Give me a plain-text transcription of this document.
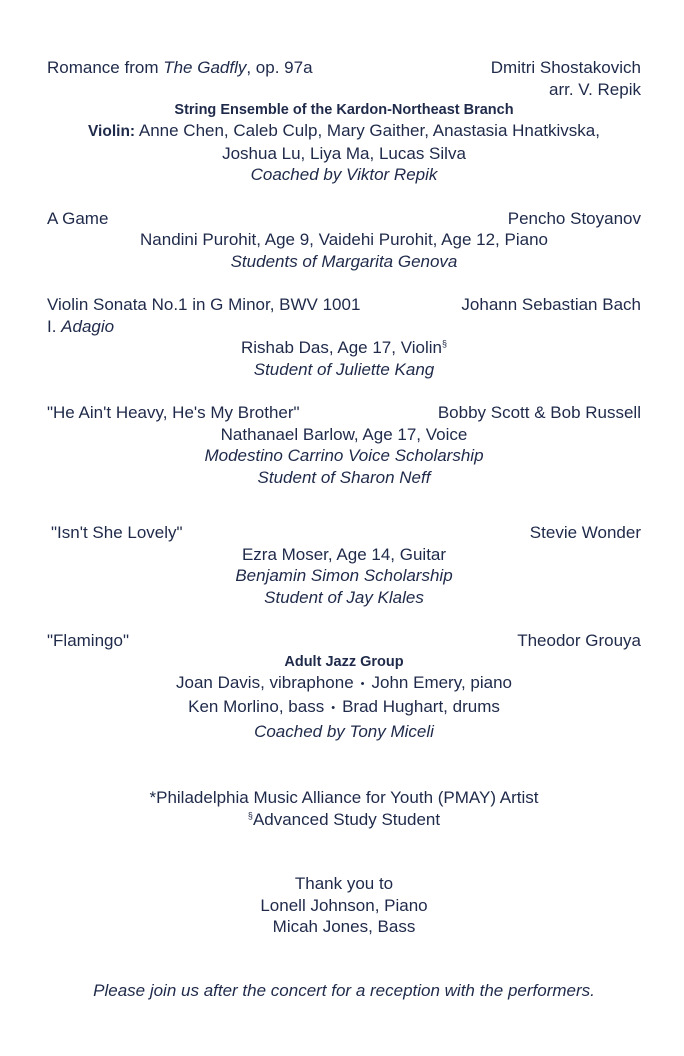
Romance from The Gadfly, op. 97a	Dmitri Shostakovich
arr. V. Repik
String Ensemble of the Kardon-Northeast Branch
Violin: Anne Chen, Caleb Culp, Mary Gaither, Anastasia Hnatkivska,
Joshua Lu, Liya Ma, Lucas Silva
Coached by Viktor Repik
A Game	Pencho Stoyanov
Nandini Purohit, Age 9, Vaidehi Purohit, Age 12, Piano
Students of Margarita Genova
Violin Sonata No.1 in G Minor, BWV 1001	Johann Sebastian Bach
I. Adagio
Rishab Das, Age 17, Violin§
Student of Juliette Kang
"He Ain't Heavy, He's My Brother"	Bobby Scott & Bob Russell
Nathanael Barlow, Age 17, Voice
Modestino Carrino Voice Scholarship
Student of Sharon Neff
"Isn't She Lovely"	Stevie Wonder
Ezra Moser, Age 14, Guitar
Benjamin Simon Scholarship
Student of Jay Klales
"Flamingo"	Theodor Grouya
Adult Jazz Group
Joan Davis, vibraphone • John Emery, piano
Ken Morlino, bass • Brad Hughart, drums
Coached by Tony Miceli
*Philadelphia Music Alliance for Youth (PMAY) Artist
§Advanced Study Student
Thank you to
Lonell Johnson, Piano
Micah Jones, Bass
Please join us after the concert for a reception with the performers.
